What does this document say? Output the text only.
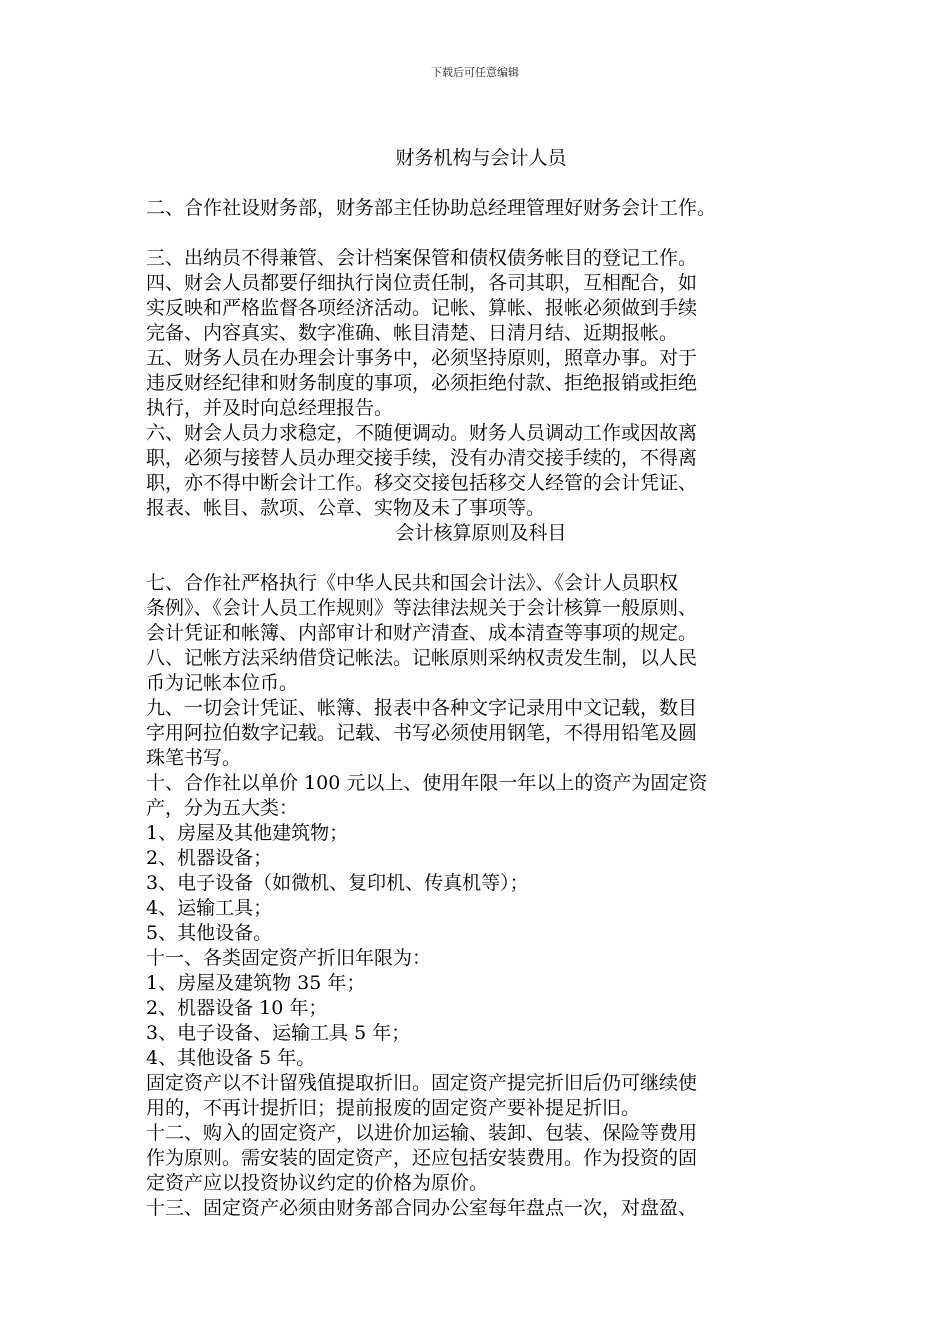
下载后可任意编辑
财务机构与会计人员
二、合作社设财务部，财务部主任协助总经理管理好财务会计工作。
三、出纳员不得兼管、会计档案保管和债权债务帐目的登记工作。
四、财会人员都要仔细执行岗位责任制，各司其职，互相配合，如
实反映和严格监督各项经济活动。记帐、算帐、报帐必须做到手续
完备、内容真实、数字准确、帐目清楚、日清月结、近期报帐。
五、财务人员在办理会计事务中，必须坚持原则，照章办事。对于
违反财经纪律和财务制度的事项，必须拒绝付款、拒绝报销或拒绝
执行，并及时向总经理报告。
六、财会人员力求稳定，不随便调动。财务人员调动工作或因故离
职，必须与接替人员办理交接手续，没有办清交接手续的，不得离
职，亦不得中断会计工作。移交交接包括移交人经管的会计凭证、
报表、帐目、款项、公章、实物及未了事项等。
会计核算原则及科目
七、合作社严格执行《中华人民共和国会计法》、《会计人员职权
条例》、《会计人员工作规则》等法律法规关于会计核算一般原则、
会计凭证和帐簿、内部审计和财产清查、成本清查等事项的规定。
八、记帐方法采纳借贷记帐法。记帐原则采纳权责发生制，以人民
币为记帐本位币。
九、一切会计凭证、帐簿、报表中各种文字记录用中文记载，数目
字用阿拉伯数字记载。记载、书写必须使用钢笔，不得用铅笔及圆
珠笔书写。
十、合作社以单价 100 元以上、使用年限一年以上的资产为固定资
产，分为五大类：
1、房屋及其他建筑物；
2、机器设备；
3、电子设备（如微机、复印机、传真机等）；
4、运输工具；
5、其他设备。
十一、各类固定资产折旧年限为：
1、房屋及建筑物 35 年；
2、机器设备 10 年；
3、电子设备、运输工具 5 年；
4、其他设备 5 年。
固定资产以不计留残值提取折旧。固定资产提完折旧后仍可继续使
用的，不再计提折旧；提前报废的固定资产要补提足折旧。
十二、购入的固定资产，以进价加运输、装卸、包装、保险等费用
作为原则。需安装的固定资产，还应包括安装费用。作为投资的固
定资产应以投资协议约定的价格为原价。
十三、固定资产必须由财务部合同办公室每年盘点一次，对盘盈、
